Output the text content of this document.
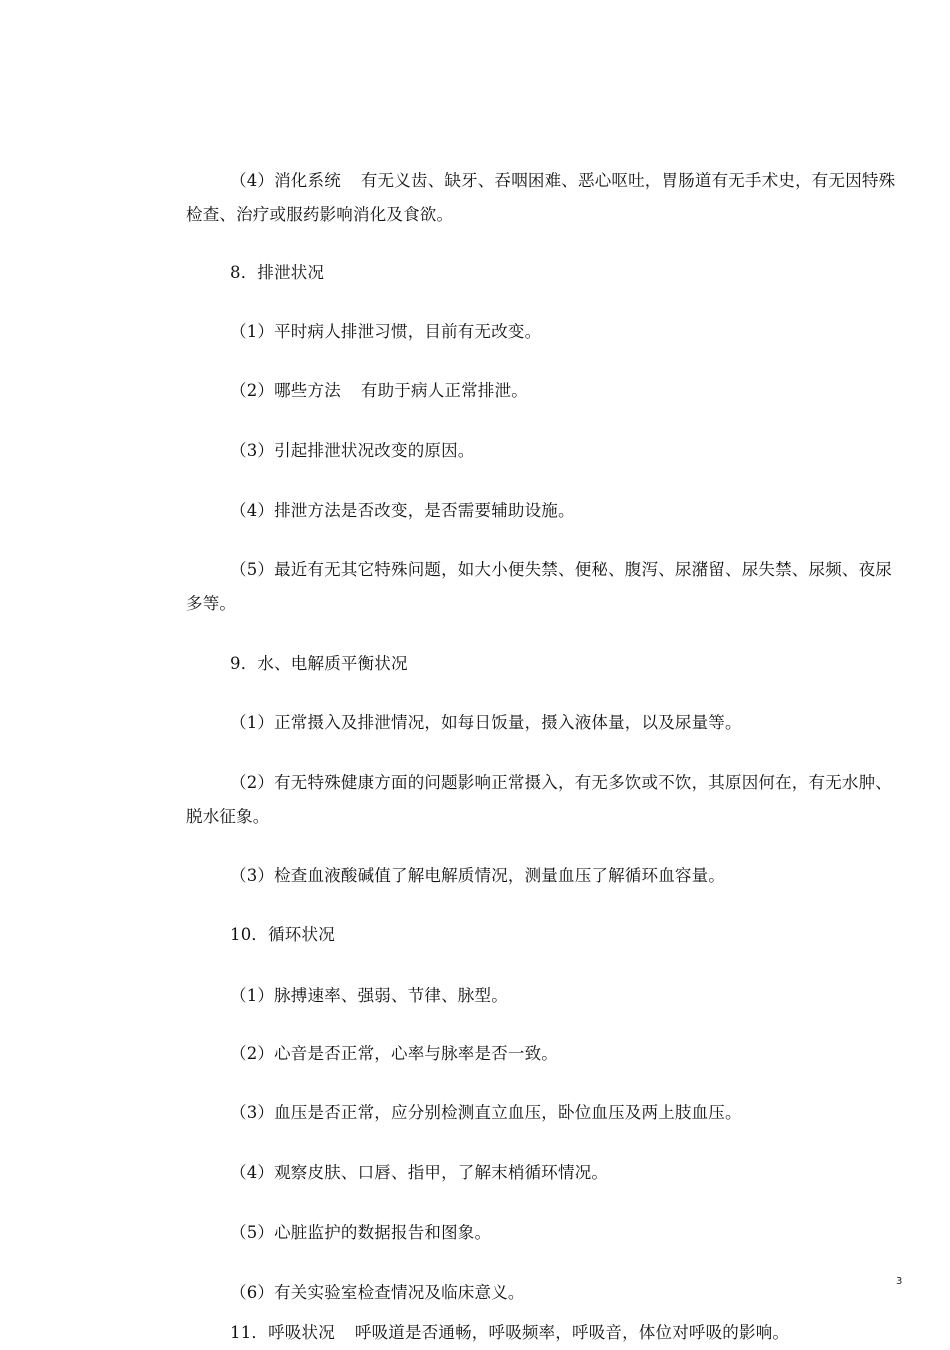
（4）消化系统 有无义齿、缺牙、吞咽困难、恶心呕吐，胃肠道有无手术史，有无因特殊检查、治疗或服药影响消化及食欲。
8．排泄状况
（1）平时病人排泄习惯，目前有无改变。
（2）哪些方法 有助于病人正常排泄。
（3）引起排泄状况改变的原因。
（4）排泄方法是否改变，是否需要辅助设施。
（5）最近有无其它特殊问题，如大小便失禁、便秘、腹泻、尿潴留、尿失禁、尿频、夜尿多等。
9．水、电解质平衡状况
（1）正常摄入及排泄情况，如每日饭量，摄入液体量，以及尿量等。
（2）有无特殊健康方面的问题影响正常摄入，有无多饮或不饮，其原因何在，有无水肿、脱水征象。
（3）检查血液酸碱值了解电解质情况，测量血压了解循环血容量。
10．循环状况
（1）脉搏速率、强弱、节律、脉型。
（2）心音是否正常，心率与脉率是否一致。
（3）血压是否正常，应分别检测直立血压，卧位血压及两上肢血压。
（4）观察皮肤、口唇、指甲，了解末梢循环情况。
（5）心脏监护的数据报告和图象。
（6）有关实验室检查情况及临床意义。
11．呼吸状况 呼吸道是否通畅，呼吸频率，呼吸音，体位对呼吸的影响。
3
